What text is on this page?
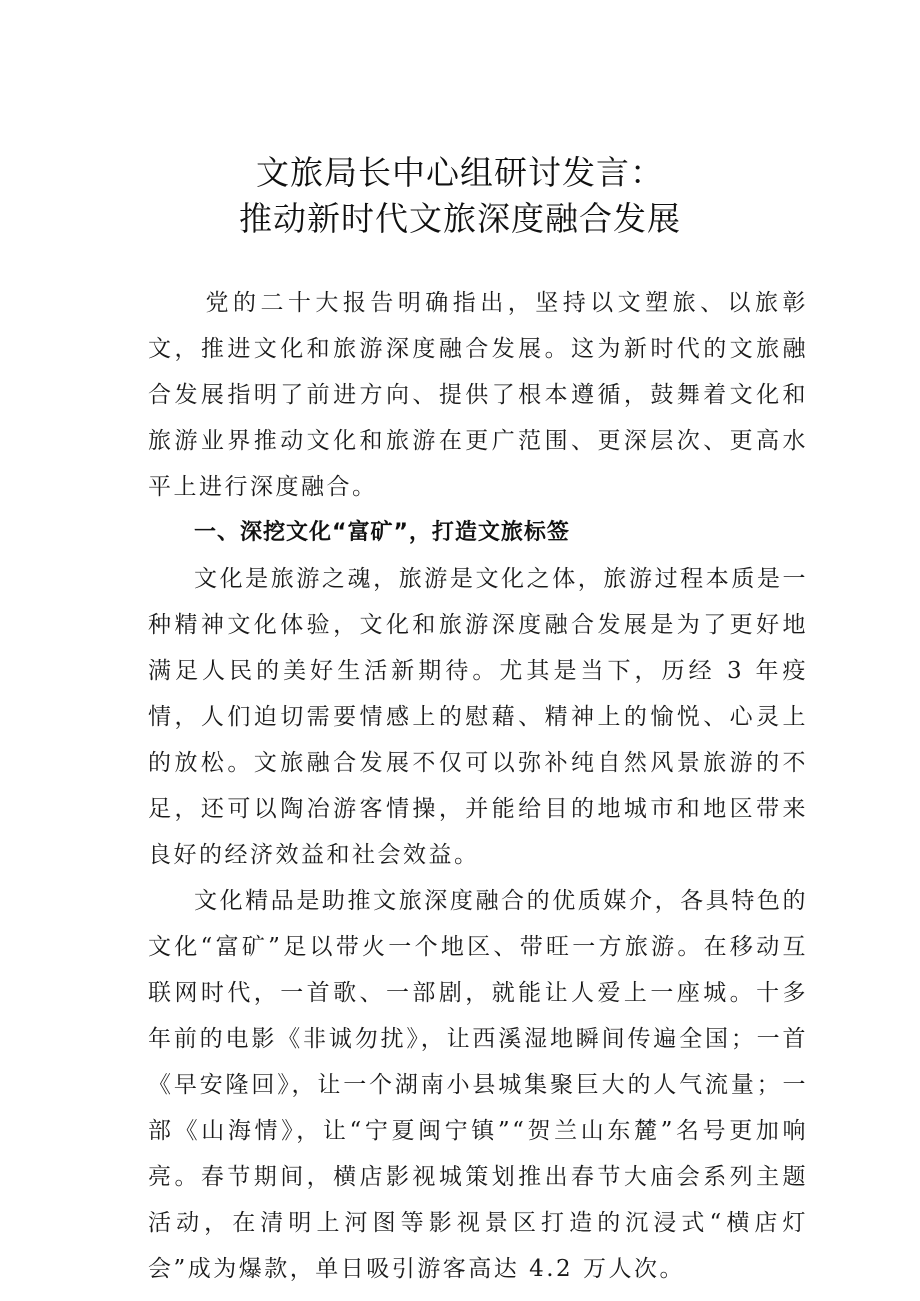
文旅局长中心组研讨发言：
推动新时代文旅深度融合发展

党的二十大报告明确指出，坚持以文塑旅、以旅彰文，推进文化和旅游深度融合发展。这为新时代的文旅融合发展指明了前进方向、提供了根本遵循，鼓舞着文化和旅游业界推动文化和旅游在更广范围、更深层次、更高水平上进行深度融合。

一、深挖文化“富矿”，打造文旅标签

文化是旅游之魂，旅游是文化之体，旅游过程本质是一种精神文化体验，文化和旅游深度融合发展是为了更好地满足人民的美好生活新期待。尤其是当下，历经 3 年疫情，人们迫切需要情感上的慰藉、精神上的愉悦、心灵上的放松。文旅融合发展不仅可以弥补纯自然风景旅游的不足，还可以陶冶游客情操，并能给目的地城市和地区带来良好的经济效益和社会效益。

文化精品是助推文旅深度融合的优质媒介，各具特色的文化“富矿”足以带火一个地区、带旺一方旅游。在移动互联网时代，一首歌、一部剧，就能让人爱上一座城。十多年前的电影《非诚勿扰》，让西溪湿地瞬间传遍全国；一首《早安隆回》，让一个湖南小县城集聚巨大的人气流量；一部《山海情》，让“宁夏闽宁镇”“贺兰山东麓”名号更加响亮。春节期间，横店影视城策划推出春节大庙会系列主题活动，在清明上河图等影视景区打造的沉浸式“横店灯会”成为爆款，单日吸引游客高达 4.2 万人次。
